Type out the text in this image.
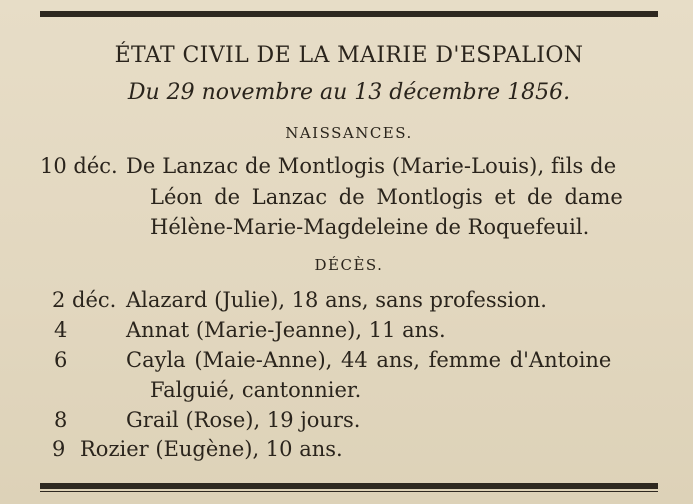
ÉTAT CIVIL DE LA MAIRIE D'ESPALION
Du 29 novembre au 13 décembre 1856.
NAISSANCES.
10 déc. De Lanzac de Montlogis (Marie-Louis), fils de
Léon de Lanzac de Montlogis et de dame
Hélène-Marie-Magdeleine de Roquefeuil.
DÉCÈS.
2 déc. Alazard (Julie), 18 ans, sans profession.
4	Annat (Marie-Jeanne), 11 ans.
6	Cayla (Maie-Anne), 44 ans, femme d'Antoine
Falguié, cantonnier.
8	Grail (Rose), 19 jours.
9 Rozier (Eugène), 10 ans.
